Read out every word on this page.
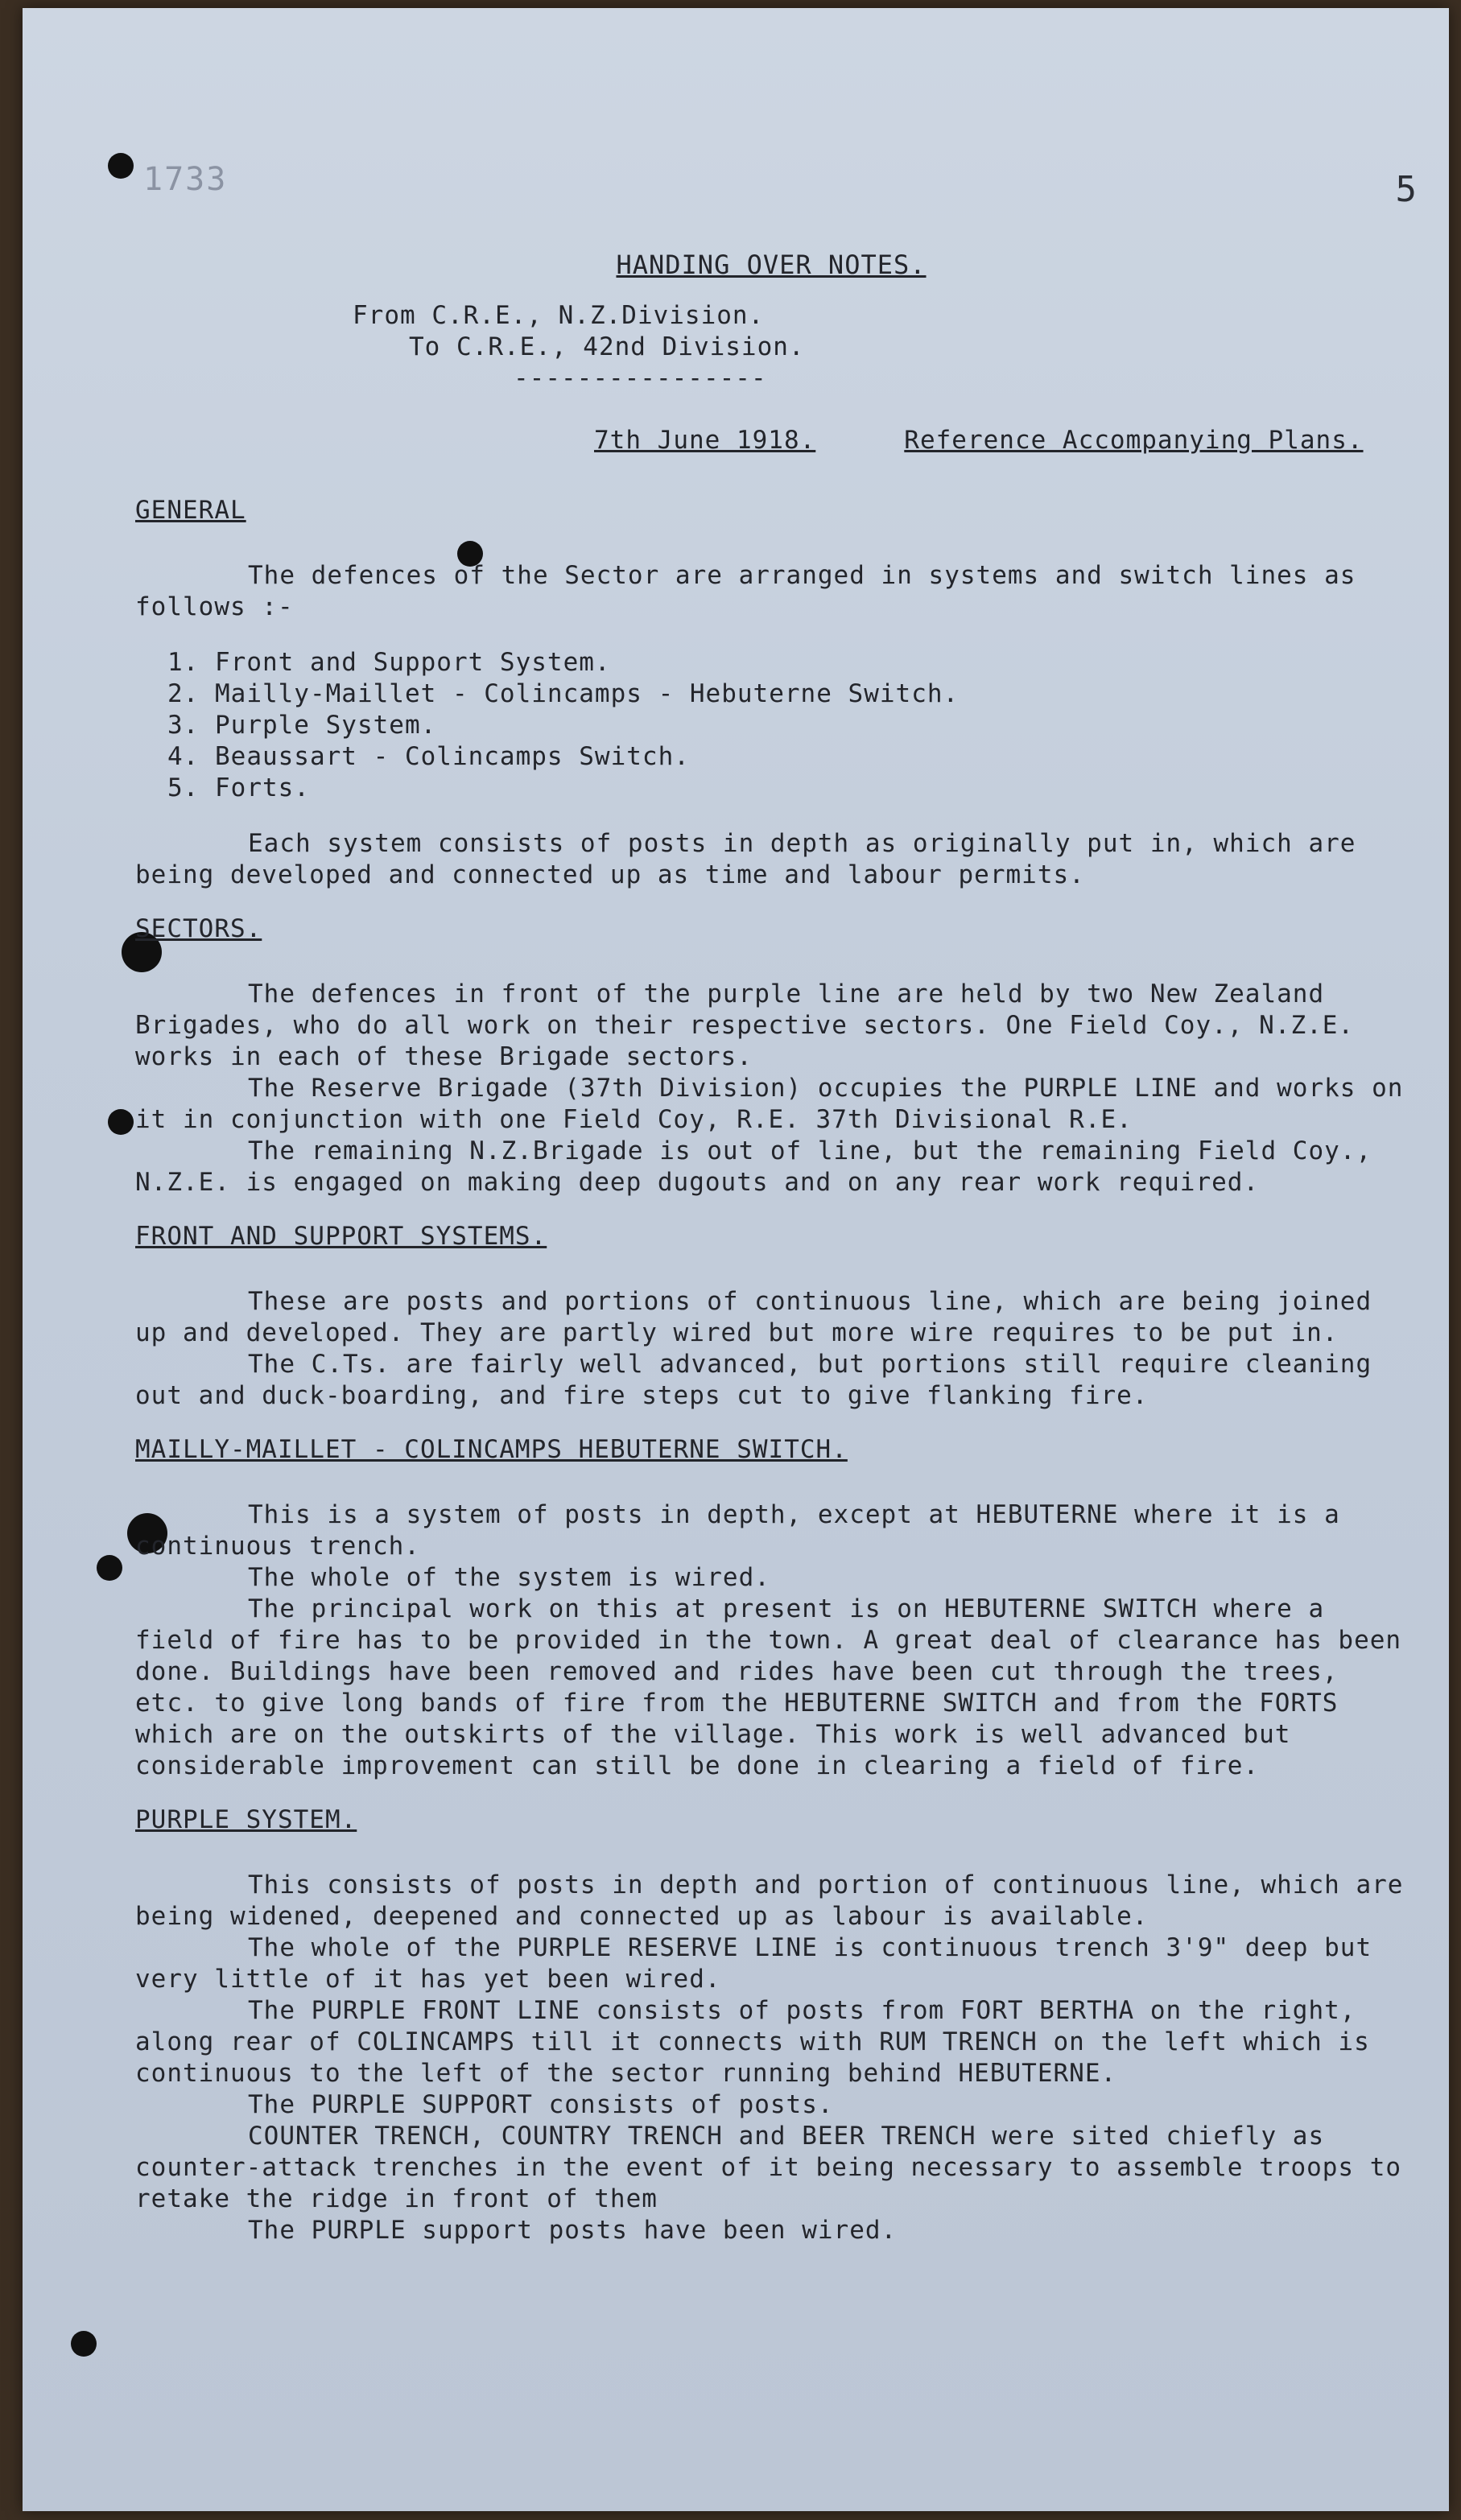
1733	5
HANDING OVER NOTES.
From C.R.E., N.Z.Division.
To C.R.E., 42nd Division.
----------------
7th June 1918.	Reference Accompanying Plans.
GENERAL

The defences of the Sector are arranged in systems and switch lines as follows :-

1. Front and Support System.
2. Mailly-Maillet - Colincamps - Hebuterne Switch.
3. Purple System.
4. Beaussart - Colincamps Switch.
5. Forts.

Each system consists of posts in depth as originally put in, which are being developed and connected up as time and labour permits.

SECTORS.

The defences in front of the purple line are held by two New Zealand Brigades, who do all work on their respective sectors. One Field Coy., N.Z.E. works in each of these Brigade sectors.

The Reserve Brigade (37th Division) occupies the PURPLE LINE and works on it in conjunction with one Field Coy, R.E. 37th Divisional R.E.

The remaining N.Z.Brigade is out of line, but the remaining Field Coy., N.Z.E. is engaged on making deep dugouts and on any rear work required.

FRONT AND SUPPORT SYSTEMS.

These are posts and portions of continuous line, which are being joined up and developed. They are partly wired but more wire requires to be put in.

The C.Ts. are fairly well advanced, but portions still require cleaning out and duck-boarding, and fire steps cut to give flanking fire.

MAILLY-MAILLET - COLINCAMPS HEBUTERNE SWITCH.

This is a system of posts in depth, except at HEBUTERNE where it is a continuous trench.

The whole of the system is wired.

The principal work on this at present is on HEBUTERNE SWITCH where a field of fire has to be provided in the town. A great deal of clearance has been done. Buildings have been removed and rides have been cut through the trees, etc. to give long bands of fire from the HEBUTERNE SWITCH and from the FORTS which are on the outskirts of the village. This work is well advanced but considerable improvement can still be done in clearing a field of fire.

PURPLE SYSTEM.

This consists of posts in depth and portion of continuous line, which are being widened, deepened and connected up as labour is available.

The whole of the PURPLE RESERVE LINE is continuous trench 3'9" deep but very little of it has yet been wired.

The PURPLE FRONT LINE consists of posts from FORT BERTHA on the right, along rear of COLINCAMPS till it connects with RUM TRENCH on the left which is continuous to the left of the sector running behind HEBUTERNE.

The PURPLE SUPPORT consists of posts.

COUNTER TRENCH, COUNTRY TRENCH and BEER TRENCH were sited chiefly as counter-attack trenches in the event of it being necessary to assemble troops to retake the ridge in front of them

The PURPLE support posts have been wired.
